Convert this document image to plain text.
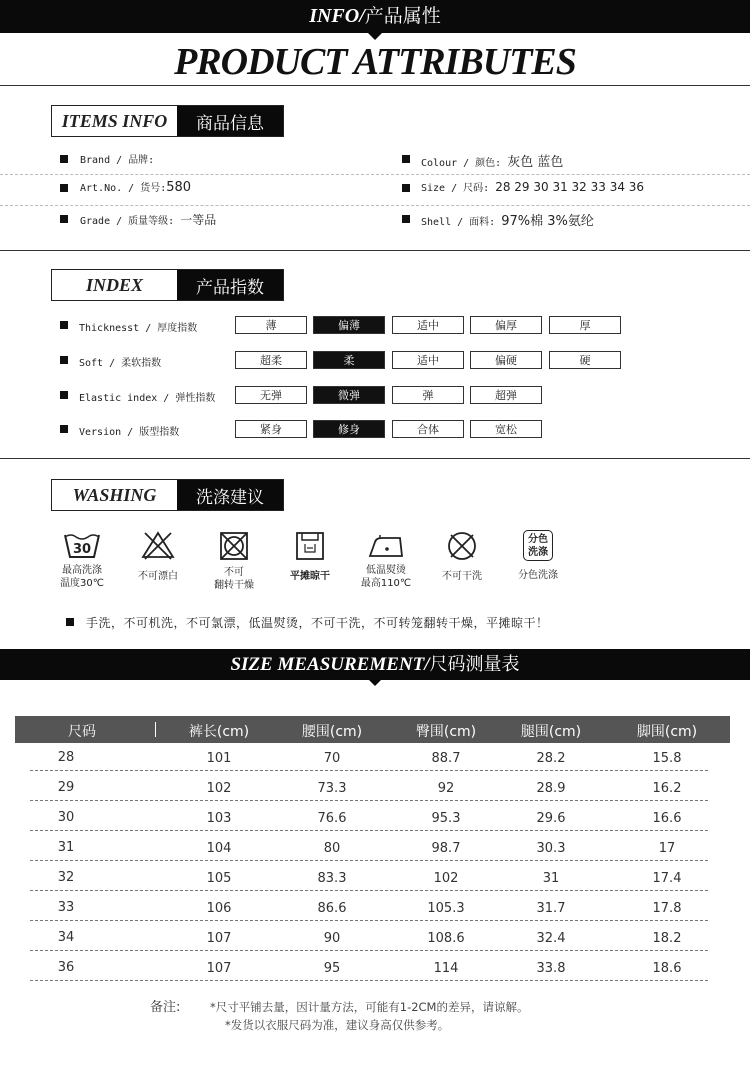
INFO/产品属性
PRODUCT ATTRIBUTES
ITEMS INFO	商品信息
Brand / 品牌:	Colour / 颜色: 灰色 蓝色
Art.No. / 货号:580	Size / 尺码: 28 29 30 31 32 33 34 36
Grade / 质量等级: 一等品	Shell / 面料: 97%棉 3%氨纶
INDEX	产品指数
Thicknesst / 厚度指数	薄	偏薄	适中	偏厚	厚
Soft / 柔软指数	超柔	柔	适中	偏硬	硬
Elastic index / 弹性指数	无弹	微弹	弹	超弹
Version / 版型指数	紧身	修身	合体	宽松
WASHING	洗涤建议
30
最高洗涤
温度30℃
不可漂白	不可
翻转干燥
平摊晾干
低温熨烫
最高110℃
不可干洗
分色
洗涤
分色洗涤
手洗，不可机洗，不可氯漂，低温熨烫，不可干洗，不可转笼翻转干燥，平摊晾干！
SIZE MEASUREMENT/尺码测量表
尺码	裤长(cm)	腰围(cm)	臀围(cm)	腿围(cm)	脚围(cm)
28	101	70	88.7	28.2	15.8
29	102	73.3	92	28.9	16.2
30	103	76.6	95.3	29.6	16.6
31	104	80	98.7	30.3	17
32	105	83.3	102	31	17.4
33	106	86.6	105.3	31.7	17.8
34	107	90	108.6	32.4	18.2
36	107	95	114	33.8	18.6
备注:	*尺寸平铺去量，因计量方法，可能有1-2CM的差异，请谅解。
*发货以衣服尺码为准，建议身高仅供参考。
